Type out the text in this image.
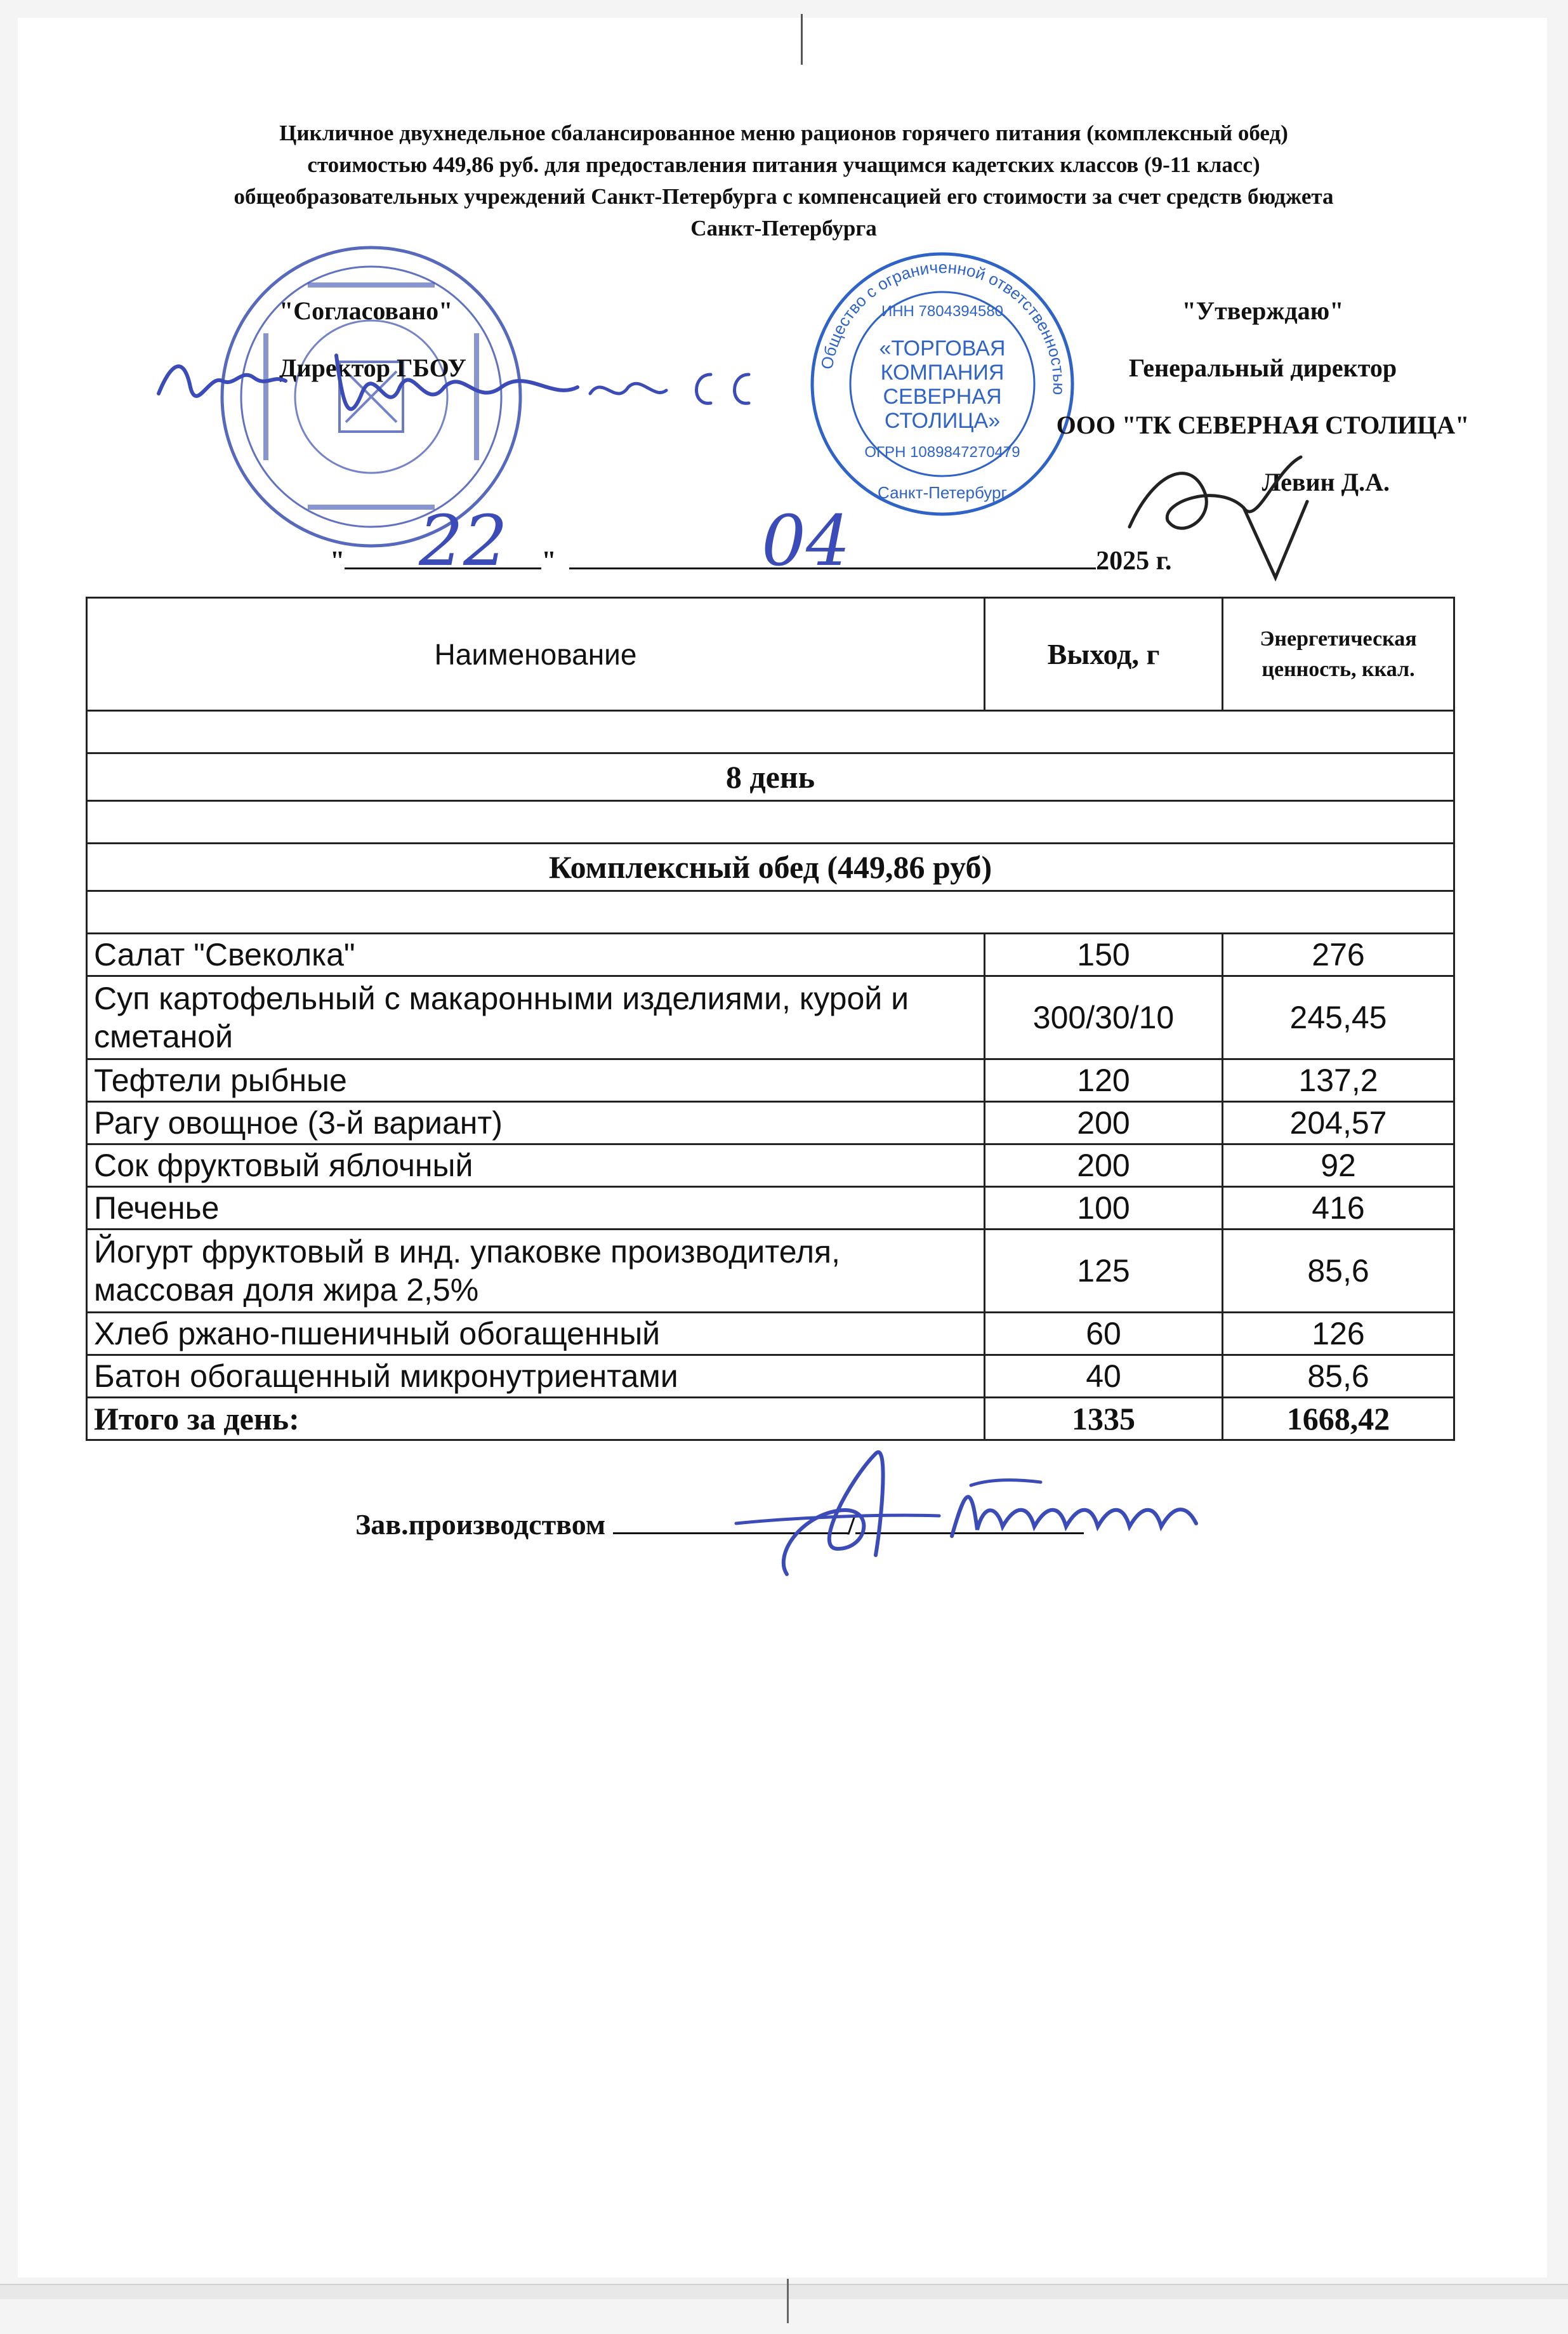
Цикличное двухнедельное сбалансированное меню рационов горячего питания (комплексный обед)
стоимостью 449,86 руб. для предоставления питания учащимся кадетских классов (9-11 класс)
общеобразовательных учреждений Санкт-Петербурга с компенсацией его стоимости за счет средств бюджета
Санкт-Петербурга
Общество с ограниченной ответственностью
ИНН 7804394580
«ТОРГОВАЯ
КОМПАНИЯ
СЕВЕРНАЯ
СТОЛИЦА»
ОГРН 1089847270479
Санкт-Петербург
"Согласовано"
Директор ГБОУ
"Утверждаю"
Генеральный директор
ООО "ТК СЕВЕРНАЯ СТОЛИЦА"
Левин Д.А.
"	"	2025 г.
22	04
Наименование	Выход, г	Энергетическая
ценность, ккал.

8 день		

Комплексный обед (449,86 руб)		

Салат "Свеколка"	150	276

Суп картофельный с макаронными изделиями, курой и
сметаной	300/30/10	245,45
Тефтели рыбные	120	137,2
Рагу овощное (3-й вариант)	200	204,57
Сок фруктовый яблочный	200	92
Печенье	100	416

Йогурт фруктовый в инд. упаковке производителя,
массовая доля жира 2,5%	125	85,6
Хлеб ржано-пшеничный обогащенный	60	126
Батон обогащенный микронутриентами	40	85,6
Итого за день:	1335	1668,42
Зав.производством	/
